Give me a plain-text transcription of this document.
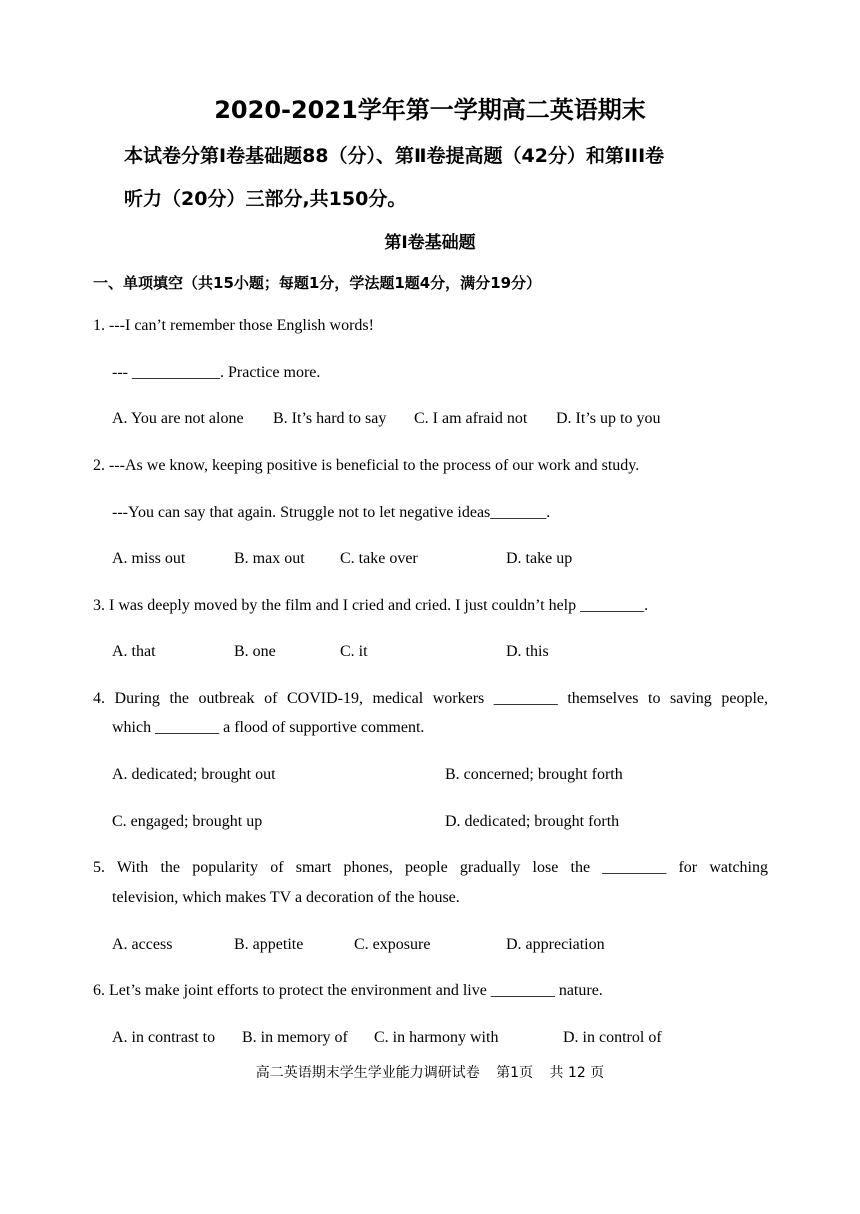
2020-2021学年第一学期高二英语期末
本试卷分第Ⅰ卷基础题88（分）、第Ⅱ卷提高题（42分）和第III卷
听力（20分）三部分,共150分。
第Ⅰ卷基础题
一、单项填空（共15小题；每题1分，学法题1题4分，满分19分）
1. ---I can’t remember those English words!
--- ___________. Practice more.
A. You are not alone B. It’s hard to say C. I am afraid not D. It’s up to you
2. ---As we know, keeping positive is beneficial to the process of our work and study.
---You can say that again. Struggle not to let negative ideas_______.
A. miss out	B. max out C. take over	D. take up
3. I was deeply moved by the film and I cried and cried. I just couldn’t help ________.
A. that	B. one	C. it	D. this
4. During the outbreak of COVID-19, medical workers ________ themselves to saving people,
which ________ a flood of supportive comment.
A. dedicated; brought out	B. concerned; brought forth
C. engaged; brought up	D. dedicated; brought forth
5. With the popularity of smart phones, people gradually lose the ________ for watching
television, which makes TV a decoration of the house.
A. access	B. appetite	C. exposure	D. appreciation
6. Let’s make joint efforts to protect the environment and live ________ nature.
A. in contrast to B. in memory of C. in harmony with	D. in control of
高二英语期末学生学业能力调研试卷 第1页 共 12 页
